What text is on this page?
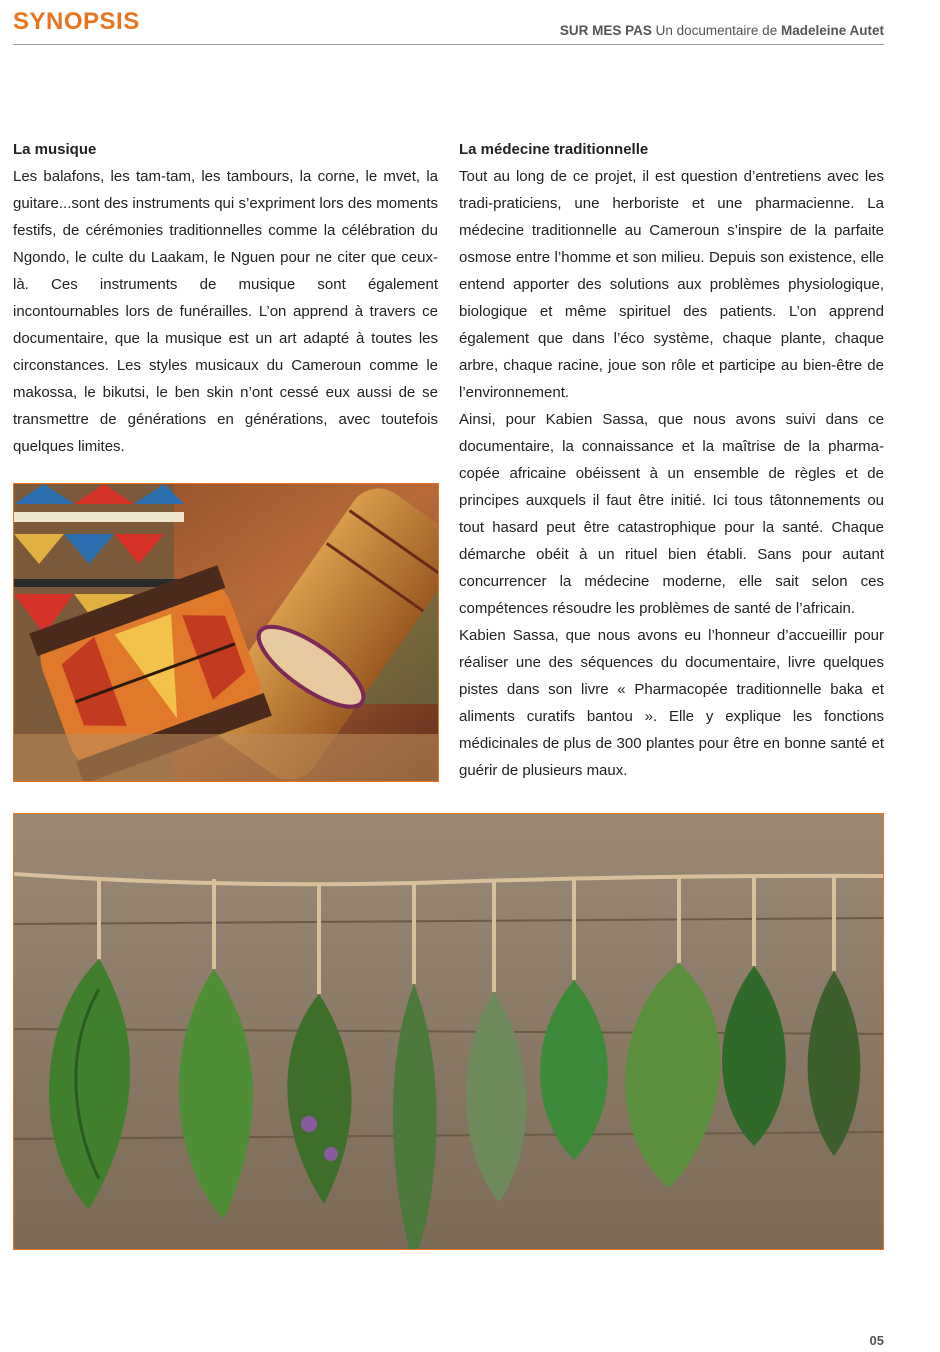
SYNOPSIS	SUR MES PAS Un documentaire de Madeleine Autet
La musique

Les balafons, les tam-tam, les tambours, la corne, le mvet, la guitare...sont des instruments qui s’expriment lors des moments festifs, de cérémonies traditionnelles comme la célébration du Ngondo, le culte du Laakam, le Nguen pour ne citer que ceux-là. Ces instruments de musique sont également incontournables lors de funérailles. L’on apprend à travers ce documentaire, que la musique est un art adapté à toutes les circonstances. Les styles musicaux du Cameroun comme le makossa, le bikutsi, le ben skin n’ont cessé eux aussi de se transmettre de générations en générations, avec toutefois quelques limites.

La médecine traditionnelle

Tout au long de ce projet, il est question d’entretiens avec les tradi-praticiens, une herboriste et une pharmacienne. La médecine traditionnelle au Cameroun s’inspire de la parfaite osmose entre l’homme et son milieu. Depuis son existence, elle entend apporter des solutions aux problèmes physiologique, biologique et même spirituel des patients. L’on apprend également que dans l’éco système, chaque plante, chaque arbre, chaque racine, joue son rôle et participe au bien-être de l’environnement.

Ainsi, pour Kabien Sassa, que nous avons suivi dans ce documentaire, la connaissance et la maîtrise de la pharmacopée africaine obéissent à un ensemble de règles et de principes auxquels il faut être initié. Ici tous tâtonnements ou tout hasard peut être catastrophique pour la santé. Chaque démarche obéit à un rituel bien établi. Sans pour autant concurrencer la médecine moderne, elle sait selon ces compétences résoudre les problèmes de santé de l’africain.

Kabien Sassa, que nous avons eu l’honneur d’accueillir pour réaliser une des séquences du documentaire, livre quelques pistes dans son livre « Pharmacopée traditionnelle baka et aliments curatifs bantou ». Elle y explique les fonctions médicinales de plus de 300 plantes pour être en bonne santé et guérir de plusieurs maux.

05
